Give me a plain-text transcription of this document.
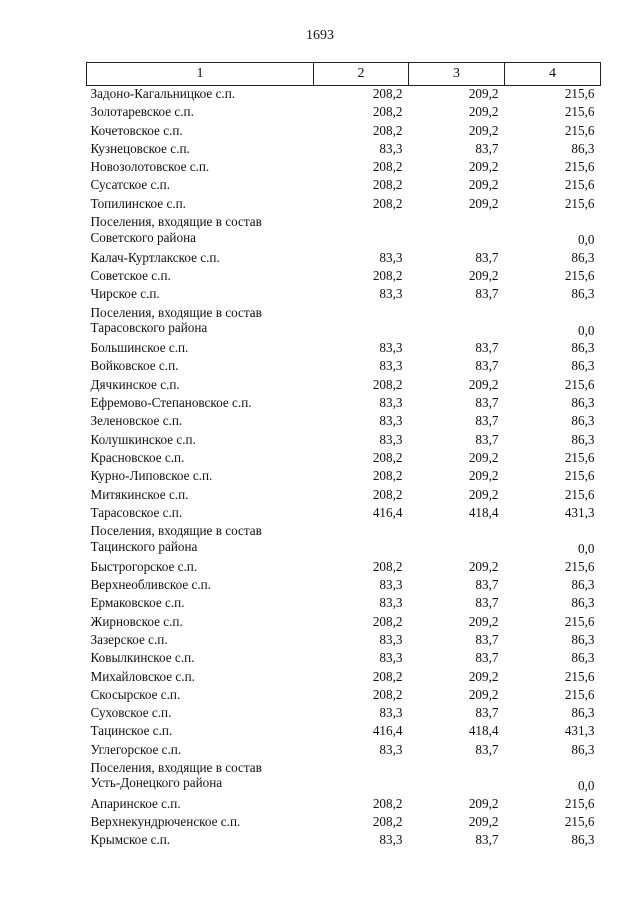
1693
1	2	3	4
Задоно-Кагальницкое с.п.	208,2	209,2	215,6
Золотаревское с.п.	208,2	209,2	215,6
Кочетовское с.п.	208,2	209,2	215,6
Кузнецовское с.п.	83,3	83,7	86,3
Новозолотовское с.п.	208,2	209,2	215,6
Сусатское с.п.	208,2	209,2	215,6
Топилинское с.п.	208,2	209,2	215,6
Поселения, входящие в состав
Советского района			0,0
Калач-Куртлакское с.п.	83,3	83,7	86,3
Советское с.п.	208,2	209,2	215,6
Чирское с.п.	83,3	83,7	86,3
Поселения, входящие в состав
Тарасовского района			0,0
Большинское с.п.	83,3	83,7	86,3
Войковское с.п.	83,3	83,7	86,3
Дячкинское с.п.	208,2	209,2	215,6
Ефремово-Степановское с.п.	83,3	83,7	86,3
Зеленовское с.п.	83,3	83,7	86,3
Колушкинское с.п.	83,3	83,7	86,3
Красновское с.п.	208,2	209,2	215,6
Курно-Липовское с.п.	208,2	209,2	215,6
Митякинское с.п.	208,2	209,2	215,6
Тарасовское с.п.	416,4	418,4	431,3
Поселения, входящие в состав
Тацинского района			0,0
Быстрогорское с.п.	208,2	209,2	215,6
Верхнеобливское с.п.	83,3	83,7	86,3
Ермаковское с.п.	83,3	83,7	86,3
Жирновское с.п.	208,2	209,2	215,6
Зазерское с.п.	83,3	83,7	86,3
Ковылкинское с.п.	83,3	83,7	86,3
Михайловское с.п.	208,2	209,2	215,6
Скосырское с.п.	208,2	209,2	215,6
Суховское с.п.	83,3	83,7	86,3
Тацинское с.п.	416,4	418,4	431,3
Углегорское с.п.	83,3	83,7	86,3
Поселения, входящие в состав
Усть-Донецкого района			0,0
Апаринское с.п.	208,2	209,2	215,6
Верхнекундрюченское с.п.	208,2	209,2	215,6
Крымское с.п.	83,3	83,7	86,3
